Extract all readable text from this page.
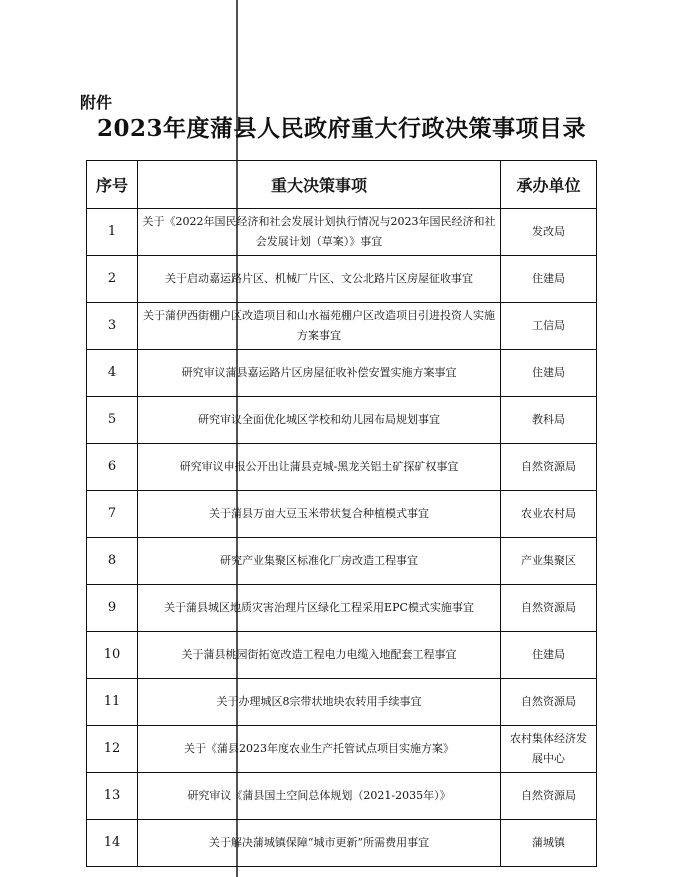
附件
2023年度蒲县人民政府重大行政决策事项目录
序号	重大决策事项	承办单位
1	关于《2022年国民经济和社会发展计划执行情况与2023年国民经济和社会发展计划（草案）》事宜	发改局
2	关于启动嘉运路片区、机械厂片区、文公北路片区房屋征收事宜	住建局
3	关于蒲伊西街棚户区改造项目和山水福苑棚户区改造项目引进投资人实施方案事宜	工信局
4	研究审议蒲县嘉运路片区房屋征收补偿安置实施方案事宜	住建局
5	研究审议全面优化城区学校和幼儿园布局规划事宜	教科局
6	研究审议申报公开出让蒲县克城-黑龙关铝土矿探矿权事宜	自然资源局
7	关于蒲县万亩大豆玉米带状复合种植模式事宜	农业农村局
8	研究产业集聚区标准化厂房改造工程事宜	产业集聚区
9	关于蒲县城区地质灾害治理片区绿化工程采用EPC模式实施事宜	自然资源局
10	关于蒲县桃园街拓宽改造工程电力电缆入地配套工程事宜	住建局
11	关于办理城区8宗带状地块农转用手续事宜	自然资源局
12	关于《蒲县2023年度农业生产托管试点项目实施方案》	农村集体经济发展中心
13	研究审议《蒲县国土空间总体规划（2021-2035年）》	自然资源局
14	关于解决蒲城镇保障“城市更新”所需费用事宜	蒲城镇
